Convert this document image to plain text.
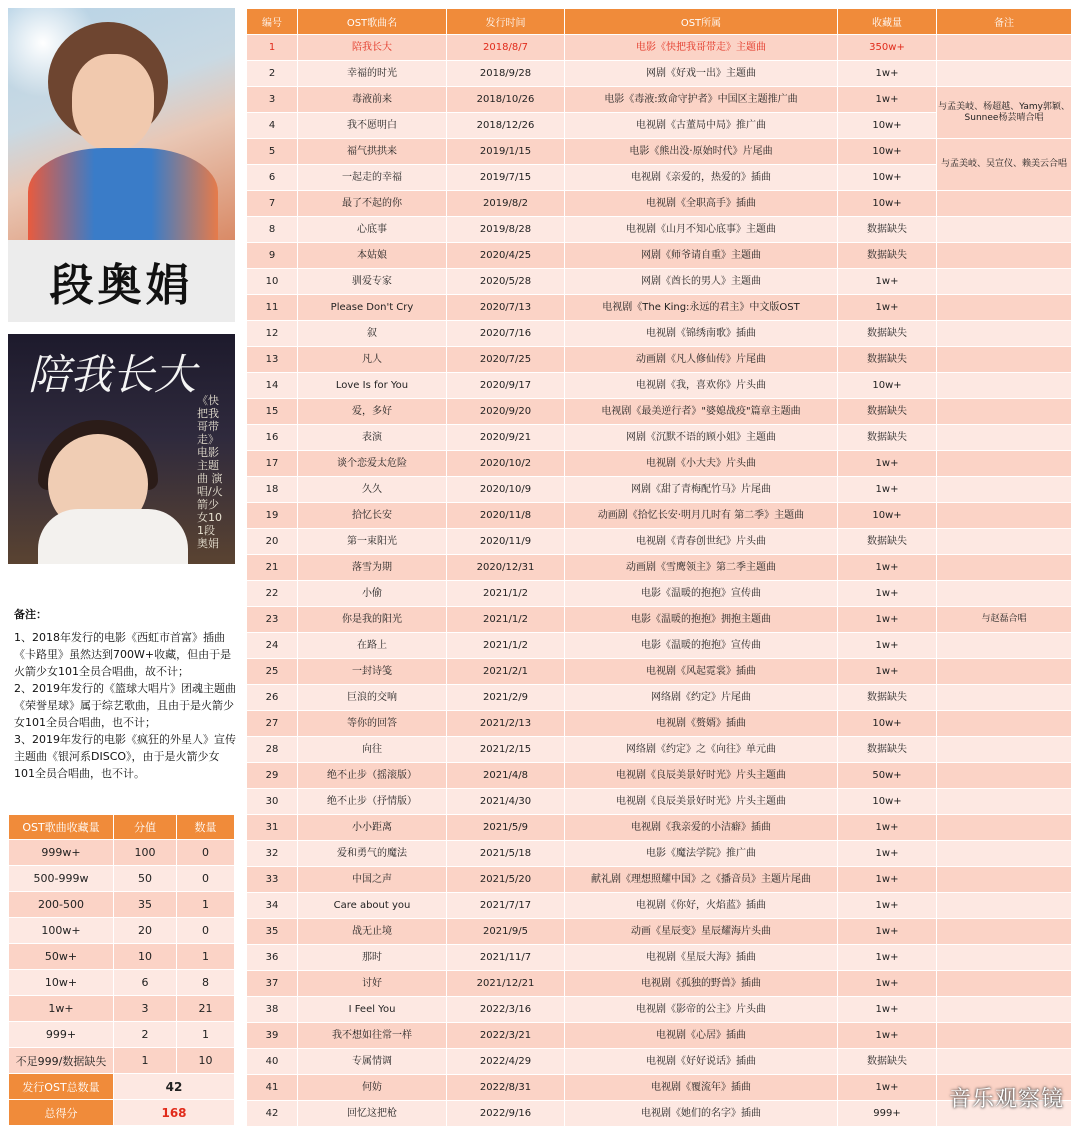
段奥娟
陪我长大
《快把我哥带走》电影主题曲 演唱/火箭少女101段奥娟

备注：

1、2018年发行的电影《西虹市首富》插曲《卡路里》虽然达到700W+收藏，但由于是火箭少女101全员合唱曲，故不计；

2、2019年发行的《篮球大唱片》团魂主题曲《荣誉星球》属于综艺歌曲，且由于是火箭少女101全员合唱曲，也不计；

3、2019年发行的电影《疯狂的外星人》宣传主题曲《银河系DISCO》，由于是火箭少女101全员合唱曲，也不计。

OST歌曲收藏量	分值	数量
999w+	100	0
500-999w	50	0
200-500	35	1
100w+	20	0
50w+	10	1
10w+	6	8
1w+	3	21
999+	2	1
不足999/数据缺失	1	10
发行OST总数量	42	
总得分	168	
编号	OST歌曲名	发行时间	OST所属	收藏量	备注
1	陪我长大	2018/8/7	电影《快把我哥带走》主题曲	350w+	
2	幸福的时光	2018/9/28	网剧《好戏一出》主题曲	1w+	
3	毒液前来	2018/10/26	电影《毒液:致命守护者》中国区主题推广曲	1w+	与孟美岐、杨超越、Yamy郭颖、Sunnee杨芸晴合唱
4	我不愿明白	2018/12/26	电视剧《古董局中局》推广曲	10w+	
5	福气拱拱来	2019/1/15	电影《熊出没·原始时代》片尾曲	10w+	与孟美岐、吴宣仪、赖美云合唱
6	一起走的幸福	2019/7/15	电视剧《亲爱的，热爱的》插曲	10w+	
7	最了不起的你	2019/8/2	电视剧《全职高手》插曲	10w+	
8	心底事	2019/8/28	电视剧《山月不知心底事》主题曲	数据缺失	
9	本姑娘	2020/4/25	网剧《师爷请自重》主题曲	数据缺失	
10	驯爱专家	2020/5/28	网剧《酋长的男人》主题曲	1w+	
11	Please Don't Cry	2020/7/13	电视剧《The King:永远的君主》中文版OST	1w+	
12	叙	2020/7/16	电视剧《锦绣南歌》插曲	数据缺失	
13	凡人	2020/7/25	动画剧《凡人修仙传》片尾曲	数据缺失	
14	Love Is for You	2020/9/17	电视剧《我，喜欢你》片头曲	10w+	
15	爱，多好	2020/9/20	电视剧《最美逆行者》"婆媳战疫"篇章主题曲	数据缺失	
16	表演	2020/9/21	网剧《沉默不语的顾小姐》主题曲	数据缺失	
17	谈个恋爱太危险	2020/10/2	电视剧《小大夫》片头曲	1w+	
18	久久	2020/10/9	网剧《甜了青梅配竹马》片尾曲	1w+	
19	拾忆长安	2020/11/8	动画剧《拾忆长安·明月几时有 第二季》主题曲	10w+	
20	第一束阳光	2020/11/9	电视剧《青春创世纪》片头曲	数据缺失	
21	落雪为期	2020/12/31	动画剧《雪鹰领主》第二季主题曲	1w+	
22	小偷	2021/1/2	电影《温暖的抱抱》宣传曲	1w+	
23	你是我的阳光	2021/1/2	电影《温暖的抱抱》拥抱主题曲	1w+	与赵磊合唱
24	在路上	2021/1/2	电影《温暖的抱抱》宣传曲	1w+	
25	一封诗笺	2021/2/1	电视剧《风起霓裳》插曲	1w+	
26	巨浪的交响	2021/2/9	网络剧《约定》片尾曲	数据缺失	
27	等你的回答	2021/2/13	电视剧《赘婿》插曲	10w+	
28	向往	2021/2/15	网络剧《约定》之《向往》单元曲	数据缺失	
29	绝不止步（摇滚版）	2021/4/8	电视剧《良辰美景好时光》片头主题曲	50w+	
30	绝不止步（抒情版）	2021/4/30	电视剧《良辰美景好时光》片头主题曲	10w+	
31	小小距离	2021/5/9	电视剧《我亲爱的小洁癖》插曲	1w+	
32	爱和勇气的魔法	2021/5/18	电影《魔法学院》推广曲	1w+	
33	中国之声	2021/5/20	献礼剧《理想照耀中国》之《播音员》主题片尾曲	1w+	
34	Care about you	2021/7/17	电视剧《你好，火焰蓝》插曲	1w+	
35	战无止境	2021/9/5	动画《星辰变》星辰耀海片头曲	1w+	
36	那时	2021/11/7	电视剧《星辰大海》插曲	1w+	
37	讨好	2021/12/21	电视剧《孤独的野兽》插曲	1w+	
38	I Feel You	2022/3/16	电视剧《影帝的公主》片头曲	1w+	
39	我不想如往常一样	2022/3/21	电视剧《心居》插曲	1w+	
40	专属情调	2022/4/29	电视剧《好好说话》插曲	数据缺失	
41	何妨	2022/8/31	电视剧《覆流年》插曲	1w+	
42	回忆这把枪	2022/9/16	电视剧《她们的名字》插曲	999+	
音乐观察镜
